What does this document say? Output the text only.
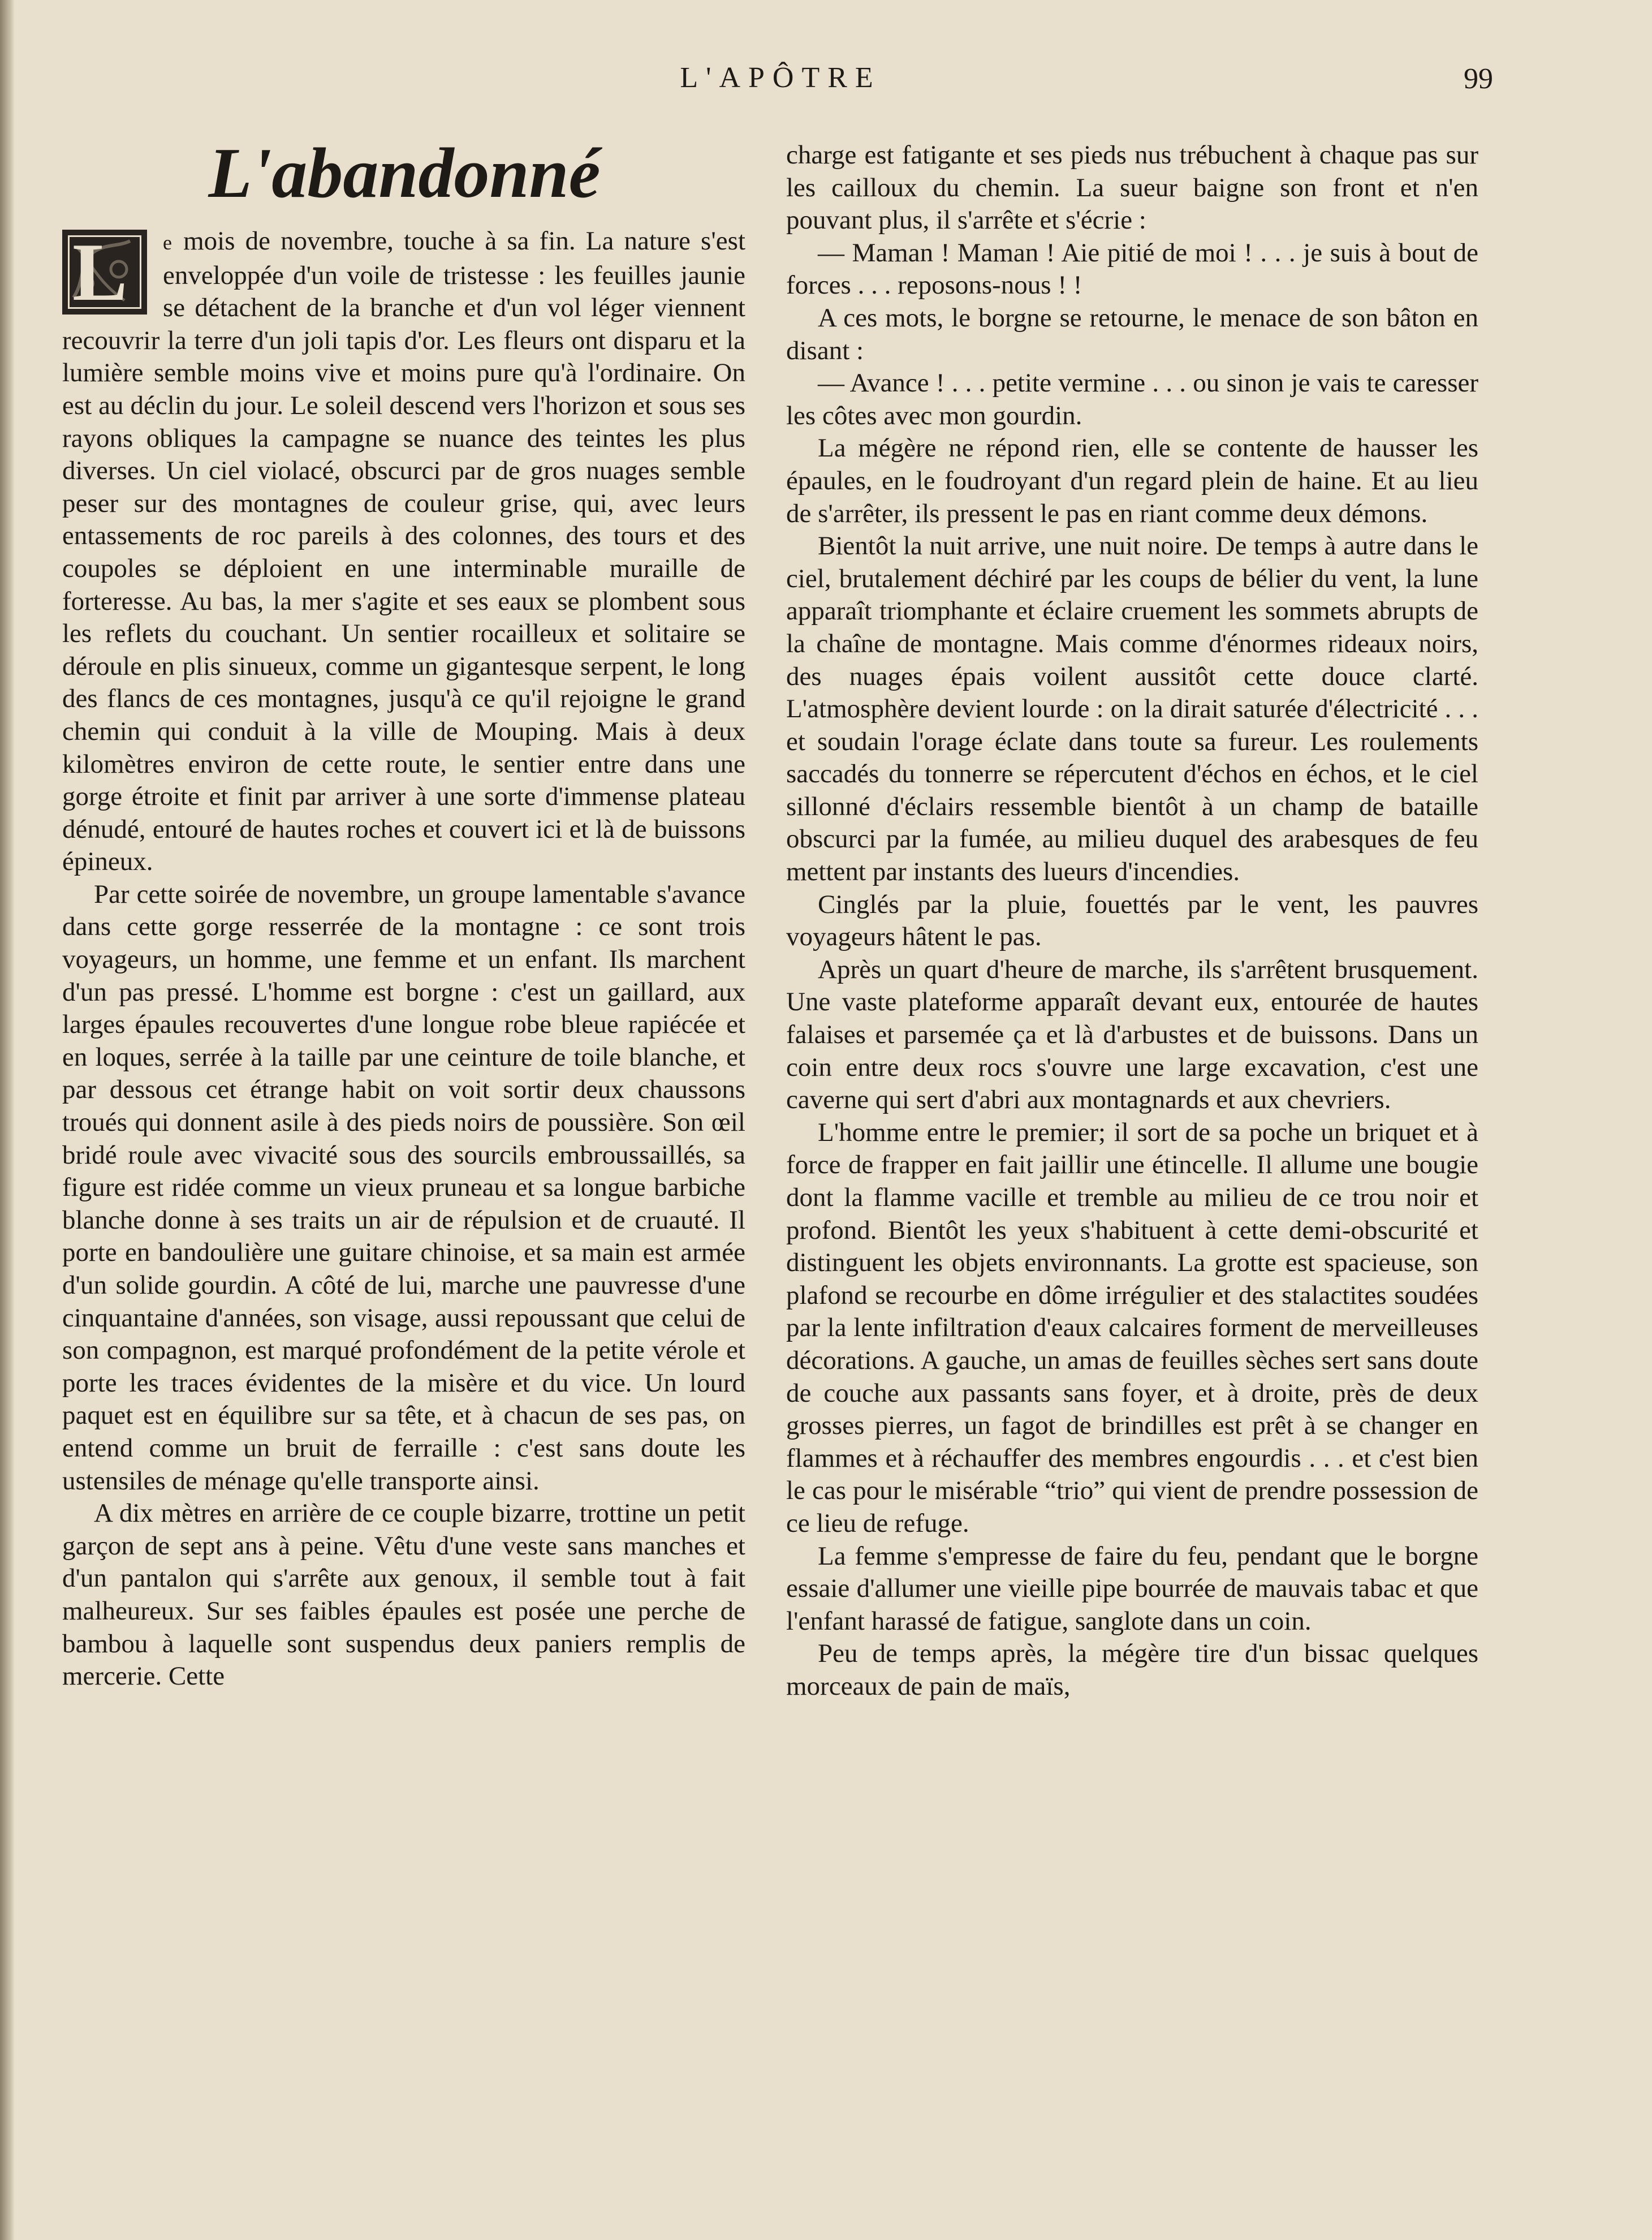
L'APÔTRE	99
L'abandonné

L e mois de novembre, touche à sa fin. La nature s'est enveloppée d'un voile de tristesse : les feuilles jaunie se détachent de la branche et d'un vol léger viennent recouvrir la terre d'un joli tapis d'or. Les fleurs ont disparu et la lumière semble moins vive et moins pure qu'à l'ordinaire. On est au déclin du jour. Le soleil descend vers l'horizon et sous ses rayons obliques la campagne se nuance des teintes les plus diverses. Un ciel violacé, obscurci par de gros nuages semble peser sur des montagnes de couleur grise, qui, avec leurs entassements de roc pareils à des colonnes, des tours et des coupoles se déploient en une interminable muraille de forteresse. Au bas, la mer s'agite et ses eaux se plombent sous les reflets du couchant. Un sentier rocailleux et solitaire se déroule en plis sinueux, comme un gigantesque serpent, le long des flancs de ces montagnes, jusqu'à ce qu'il rejoigne le grand chemin qui conduit à la ville de Mouping. Mais à deux kilomètres environ de cette route, le sentier entre dans une gorge étroite et finit par arriver à une sorte d'immense plateau dénudé, entouré de hautes roches et couvert ici et là de buissons épineux.

Par cette soirée de novembre, un groupe lamentable s'avance dans cette gorge resserrée de la montagne : ce sont trois voyageurs, un homme, une femme et un enfant. Ils marchent d'un pas pressé. L'homme est borgne : c'est un gaillard, aux larges épaules recouvertes d'une longue robe bleue rapiécée et en loques, serrée à la taille par une ceinture de toile blanche, et par dessous cet étrange habit on voit sortir deux chaussons troués qui donnent asile à des pieds noirs de poussière. Son œil bridé roule avec vivacité sous des sourcils embroussaillés, sa figure est ridée comme un vieux pruneau et sa longue barbiche blanche donne à ses traits un air de répulsion et de cruauté. Il porte en bandoulière une guitare chinoise, et sa main est armée d'un solide gourdin. A côté de lui, marche une pauvresse d'une cinquantaine d'années, son visage, aussi repoussant que celui de son compagnon, est marqué profondément de la petite vérole et porte les traces évidentes de la misère et du vice. Un lourd paquet est en équilibre sur sa tête, et à chacun de ses pas, on entend comme un bruit de ferraille : c'est sans doute les ustensiles de ménage qu'elle transporte ainsi.

A dix mètres en arrière de ce couple bizarre, trottine un petit garçon de sept ans à peine. Vêtu d'une veste sans manches et d'un pantalon qui s'arrête aux genoux, il semble tout à fait malheureux. Sur ses faibles épaules est posée une perche de bambou à laquelle sont suspendus deux paniers remplis de mercerie. Cette

charge est fatigante et ses pieds nus trébuchent à chaque pas sur les cailloux du chemin. La sueur baigne son front et n'en pouvant plus, il s'arrête et s'écrie :

— Maman ! Maman ! Aie pitié de moi ! . . . je suis à bout de forces . . . reposons-nous ! !

A ces mots, le borgne se retourne, le menace de son bâton en disant :

— Avance ! . . . petite vermine . . . ou sinon je vais te caresser les côtes avec mon gourdin.

La mégère ne répond rien, elle se contente de hausser les épaules, en le foudroyant d'un regard plein de haine. Et au lieu de s'arrêter, ils pressent le pas en riant comme deux démons.

Bientôt la nuit arrive, une nuit noire. De temps à autre dans le ciel, brutalement déchiré par les coups de bélier du vent, la lune apparaît triomphante et éclaire cruement les sommets abrupts de la chaîne de montagne. Mais comme d'énormes rideaux noirs, des nuages épais voilent aussitôt cette douce clarté. L'atmosphère devient lourde : on la dirait saturée d'électricité . . . et soudain l'orage éclate dans toute sa fureur. Les roulements saccadés du tonnerre se répercutent d'échos en échos, et le ciel sillonné d'éclairs ressemble bientôt à un champ de bataille obscurci par la fumée, au milieu duquel des arabesques de feu mettent par instants des lueurs d'incendies.

Cinglés par la pluie, fouettés par le vent, les pauvres voyageurs hâtent le pas.

Après un quart d'heure de marche, ils s'arrêtent brusquement. Une vaste plateforme apparaît devant eux, entourée de hautes falaises et parsemée ça et là d'arbustes et de buissons. Dans un coin entre deux rocs s'ouvre une large excavation, c'est une caverne qui sert d'abri aux montagnards et aux chevriers.

L'homme entre le premier; il sort de sa poche un briquet et à force de frapper en fait jaillir une étincelle. Il allume une bougie dont la flamme vacille et tremble au milieu de ce trou noir et profond. Bientôt les yeux s'habituent à cette demi-obscurité et distinguent les objets environnants. La grotte est spacieuse, son plafond se recourbe en dôme irrégulier et des stalactites soudées par la lente infiltration d'eaux calcaires forment de merveilleuses décorations. A gauche, un amas de feuilles sèches sert sans doute de couche aux passants sans foyer, et à droite, près de deux grosses pierres, un fagot de brindilles est prêt à se changer en flammes et à réchauffer des membres engourdis . . . et c'est bien le cas pour le misérable “trio” qui vient de prendre possession de ce lieu de refuge.

La femme s'empresse de faire du feu, pendant que le borgne essaie d'allumer une vieille pipe bourrée de mauvais tabac et que l'enfant harassé de fatigue, sanglote dans un coin.

Peu de temps après, la mégère tire d'un bissac quelques morceaux de pain de maïs,
